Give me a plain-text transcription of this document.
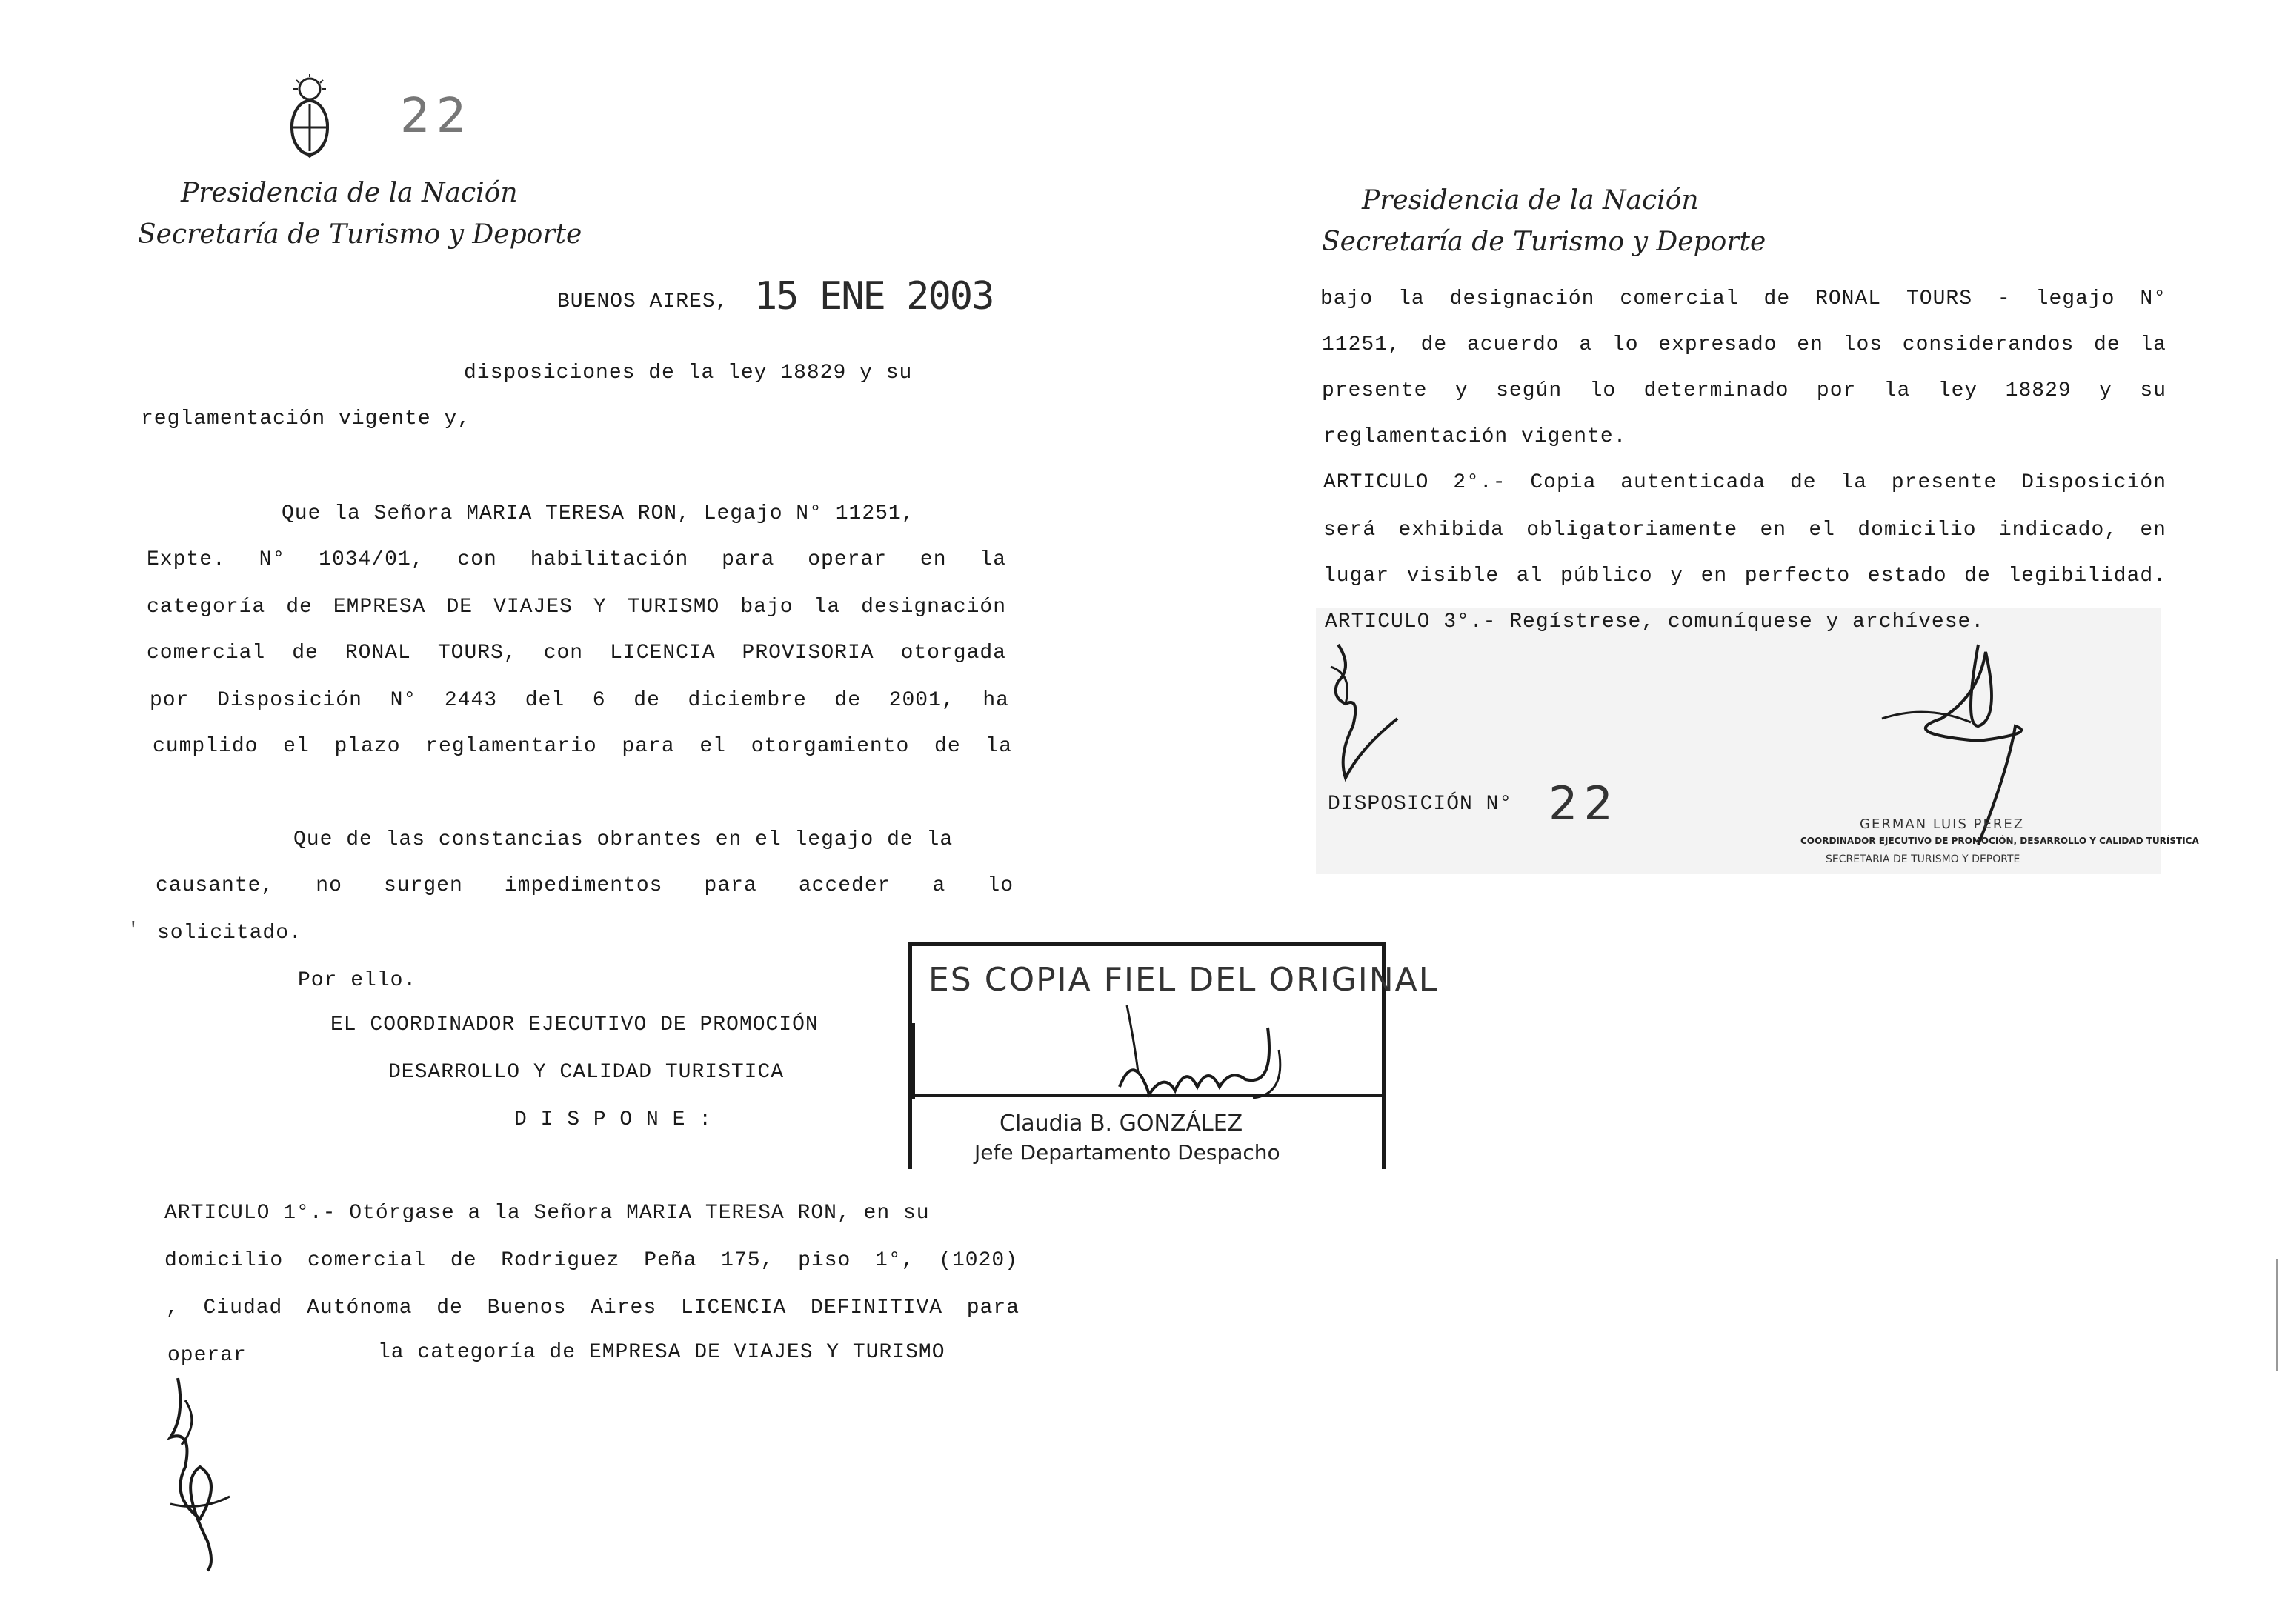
22
Presidencia de la Nación
Secretaría de Turismo y Deporte
BUENOS AIRES, 15 ENE 2003
disposiciones de la ley 18829 y su
reglamentación vigente y,
Que la Señora MARIA TERESA RON, Legajo N° 11251,
Expte. N° 1034/01, con habilitación para operar en la
categoría de EMPRESA DE VIAJES Y TURISMO bajo la designación
comercial de RONAL TOURS, con LICENCIA PROVISORIA otorgada
por Disposición N° 2443 del 6 de diciembre de 2001, ha
cumplido el plazo reglamentario para el otorgamiento de la
Que de las constancias obrantes en el legajo de la
causante, no surgen impedimentos para acceder a lo
' solicitado.
Por ello.
EL COORDINADOR EJECUTIVO DE PROMOCIÓN
DESARROLLO Y CALIDAD TURISTICA
D I S P O N E :
ARTICULO 1°.- Otórgase a la Señora MARIA TERESA RON, en su
domicilio comercial de Rodriguez Peña 175, piso 1°, (1020)
, Ciudad Autónoma de Buenos Aires LICENCIA DEFINITIVA para
operar	la categoría de EMPRESA DE VIAJES Y TURISMO
ES COPIA FIEL DEL ORIGINAL
Claudia B. GONZÁLEZ
Jefe Departamento Despacho
Presidencia de la Nación
Secretaría de Turismo y Deporte
bajo la designación comercial de RONAL TOURS - legajo N°
11251, de acuerdo a lo expresado en los considerandos de la
presente y según lo determinado por la ley 18829 y su
reglamentación vigente.
ARTICULO 2°.- Copia autenticada de la presente Disposición
será exhibida obligatoriamente en el domicilio indicado, en
lugar visible al público y en perfecto estado de legibilidad.
ARTICULO 3°.- Regístrese, comuníquese y archívese.
DISPOSICIÓN N° 22	GERMAN LUIS PEREZ
COORDINADOR EJECUTIVO DE PROMOCIÓN, DESARROLLO Y CALIDAD TURÍSTICA
SECRETARIA DE TURISMO Y DEPORTE
